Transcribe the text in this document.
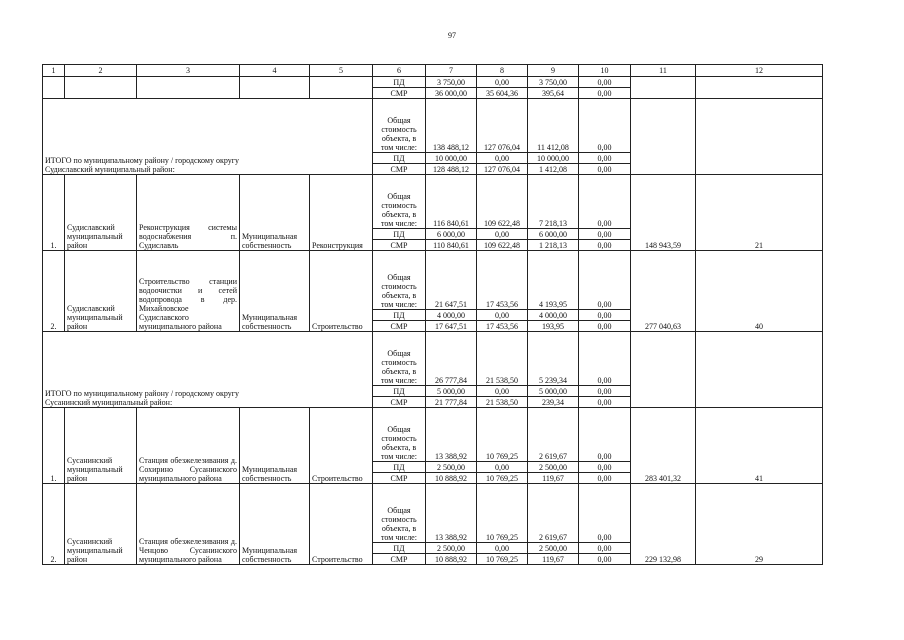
97
1	2	3	4	5	6	7	8	9	10	11	12
					ПД	3 750,00	0,00	3 750,00	0,00		
					СМР	36 000,00	35 604,36	395,64	0,00		

ИТОГО по муниципальному району / городскому округу
Судиславский муниципальный район:					Общая стоимость объекта, в том числе:	138 488,12	127 076,04	11 412,08	0,00		
					ПД	10 000,00	0,00	10 000,00	0,00		
					СМР	128 488,12	127 076,04	1 412,08	0,00		
1.	Судиславский муниципальный район	Реконструкция системы водоснабжения п. Судиславль	Муниципальная собственность	Реконструкция	Общая стоимость объекта, в том числе:	116 840,61	109 622,48	7 218,13	0,00	148 943,59	21
					ПД	6 000,00	0,00	6 000,00	0,00		
					СМР	110 840,61	109 622,48	1 218,13	0,00		
2.	Судиславский муниципальный район	Строительство станции водоочистки и сетей водопровода в дер. Михайловское Судиславского муниципального района	Муниципальная собственность	Строительство	Общая стоимость объекта, в том числе:	21 647,51	17 453,56	4 193,95	0,00	277 040,63	40
					ПД	4 000,00	0,00	4 000,00	0,00		
					СМР	17 647,51	17 453,56	193,95	0,00		

ИТОГО по муниципальному району / городскому округу
Сусанинский муниципальный район:					Общая стоимость объекта, в том числе:	26 777,84	21 538,50	5 239,34	0,00		
					ПД	5 000,00	0,00	5 000,00	0,00		
					СМР	21 777,84	21 538,50	239,34	0,00		
1.	Сусанинский муниципальный район	Станция обезжелезивания д. Сохирино Сусанинского муниципального района	Муниципальная собственность	Строительство	Общая стоимость объекта, в том числе:	13 388,92	10 769,25	2 619,67	0,00	283 401,32	41
					ПД	2 500,00	0,00	2 500,00	0,00		
					СМР	10 888,92	10 769,25	119,67	0,00		
2.	Сусанинский муниципальный район	Станция обезжелезивания д. Ченцово Сусанинского муниципального района	Муниципальная собственность	Строительство	Общая стоимость объекта, в том числе:	13 388,92	10 769,25	2 619,67	0,00	229 132,98	29
					ПД	2 500,00	0,00	2 500,00	0,00		
					СМР	10 888,92	10 769,25	119,67	0,00		
